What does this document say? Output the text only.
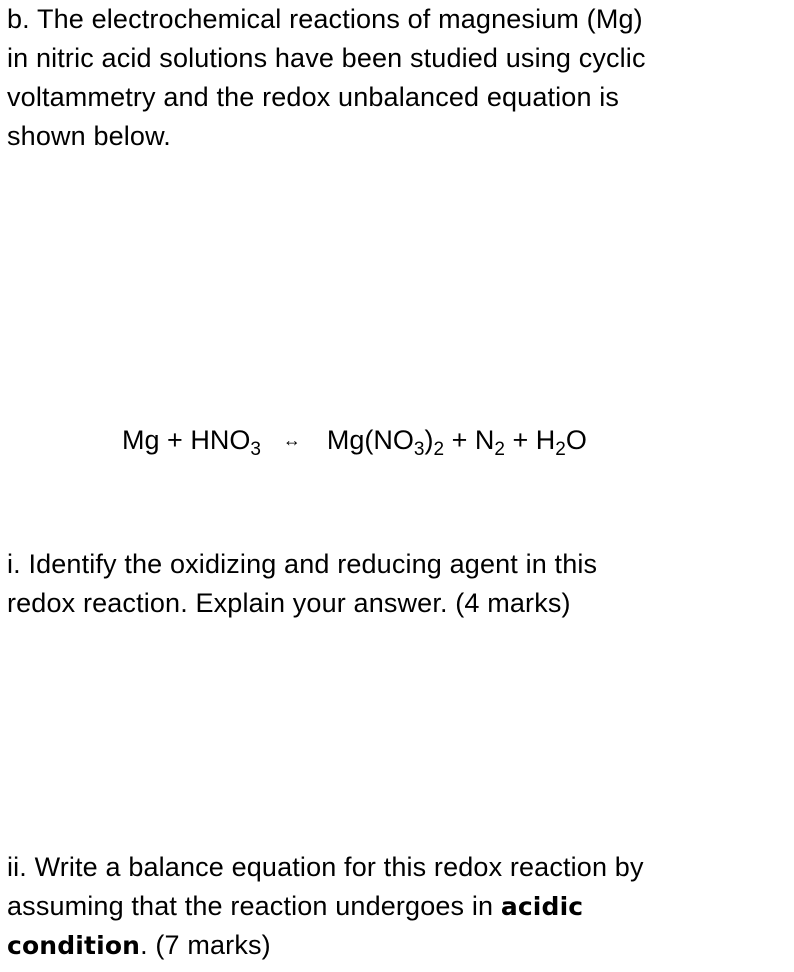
b. The electrochemical reactions of magnesium (Mg)
in nitric acid solutions have been studied using cyclic
voltammetry and the redox unbalanced equation is
shown below.
$Mg + HNO_3$ ↔ $Mg(NO_3)_2 + N_2 + H_2O$
i. Identify the oxidizing and reducing agent in this
redox reaction. Explain your answer. (4 marks)
ii. Write a balance equation for this redox reaction by
assuming that the reaction undergoes in acidic
condition. (7 marks)
